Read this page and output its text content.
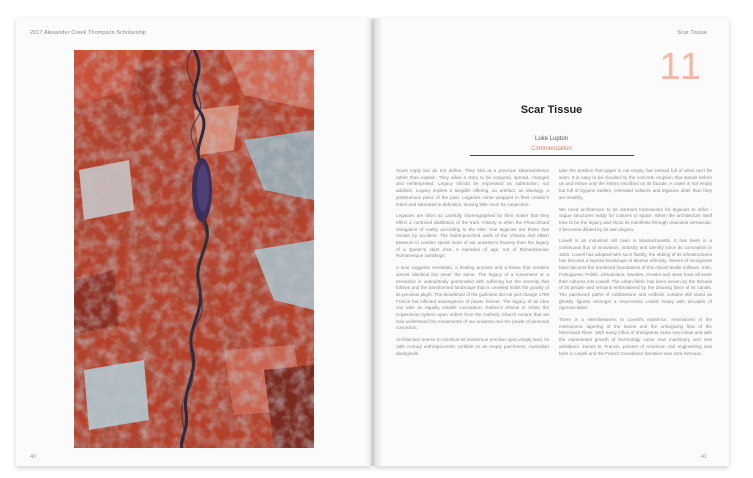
2017 Alexander Creek Thompson Scholarship
40
Scar Tissue
11
Scar Tissue
Luke Lupton
Commendation

Scars imply but do not define. They hint at a previous state/existence rather than explain. They allow a story to be conjured, spread, changed and reinterpreted. Legacy should be expressed as subtraction, not addition. Legacy implies a tangible offering, an artefact, an ideology, a posthumous piece of the past. Legacies come wrapped in their creator's intent and saturated in definition, leaving little room for conjecture.

Legacies are often so carefully choreographed by their maker that they effect a contrived distillation of the truth. History is often the Pinocchioed elongation of reality according to the elite; true legacies are those that remain by accident. The bullet-punched walls of the Victoria and Albert Museum in London speak more of our ancestor's bravery than the legacy of a Queen's objet d'art. A narration of age, not of Richardsonian Romanesque ramblings.

A scar suggests revelation, a healing process and a tissue that remains almost identical but never the same. The legacy of a movement or a revolution is undoubtedly germinated with suffering but the serenity that follows and the transformed landscape that is unveiled holds the gravity of its previous plight. The bloodshed of the guillotine did not just change 1799 France but inflicted assumptions of power forever. The legacy of an idea can take an equally volatile conception: Galileo's refusal to refute the Copernican system upon orders from the Catholic Church means that we now understand the movements of our universe and the power of personal conviction.

Architecture seems to continue its boisterous erection upon empty land, its 18th century anthropocentric scribble on an empty parchment. Australian aboriginals

take the position that paper is not empty, but instead full of what can't be seen. It is easy to be clouded by the concrete eruption that stands before us and imbue only the letters inscribed on its facade. A crater is not empty but full of bygone battles, cremated cultures and legacies older than they are wealthy.

We need architecture to be dormant frameworks for legacies to inflict - vague structures ready for cultures to space. When the architecture itself tries to be the legacy and shout its manifesto through vivacious vernacular, it becomes diluted by its own dogma.

Lowell is an industrial mill town in Massachusetts. It has been in a continuous flux of innovation, industry and identity since its conception in 1820. Lowell has adopted with such fluidity, the ebbing of its infrastructures has become a layered landscape of diverse ethnicity. Waves of immigrants have become the hardened foundations of this robust textile milltown. Irish, Portuguese, Polish, Lithuanians, Swedes, Greeks and Jews have all sewn their cultures into Lowell. The urban fabric has been woven by the threads of its people and remains embroidered by the drawing force of its canals. The patchwork paths of cobblestone and redbrick curtains still stand as ghostly figures amongst a resurrected Lowell heavy with decades of rigorous labor.

There is a relentlessness to Lowell's existence, reminiscent of the metronomic tapering of the looms and the unforgiving flow of the Merrimack River. With every influx of immigrants came new ideas and with the exponential growth of technology came new machinery and new ambitions. James B. Francis, pioneer of American civil engineering was born in Lowell and the French Canadians' donation was Jack Kerouac.

41
